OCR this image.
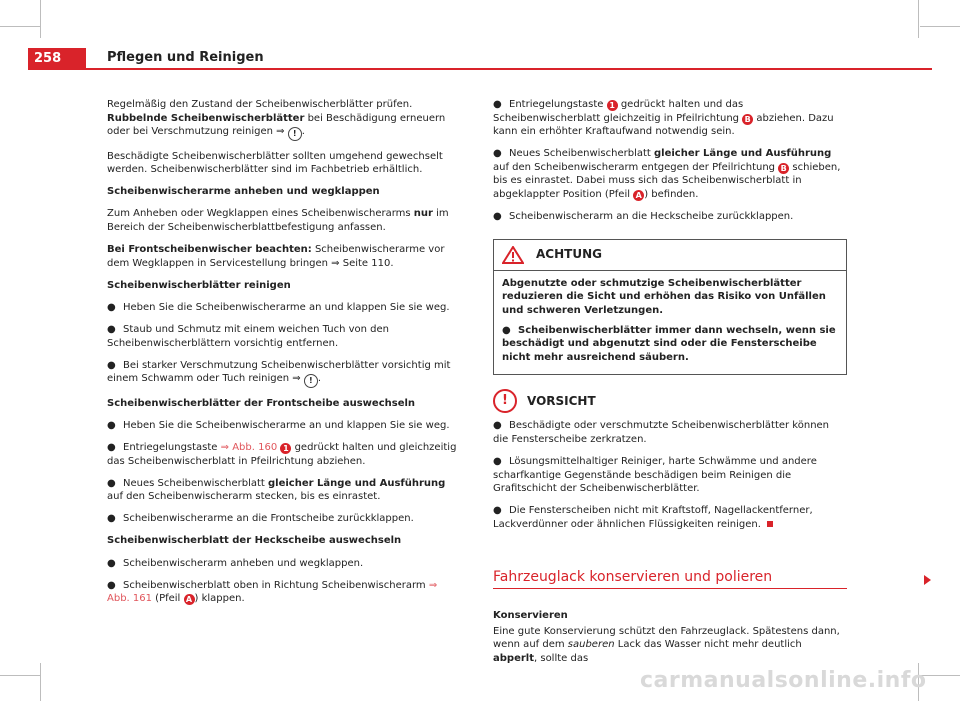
258	Pflegen und Reinigen

Regelmäßig den Zustand der Scheibenwischerblätter prüfen. Rubbelnde Scheibenwischerblätter bei Beschädigung erneuern oder bei Verschmutzung reinigen ⇒ ! .

Beschädigte Scheibenwischerblätter sollten umgehend gewechselt werden. Scheibenwischerblätter sind im Fachbetrieb erhältlich.

Scheibenwischerarme anheben und wegklappen

Zum Anheben oder Wegklappen eines Scheibenwischerarms nur im Bereich der Scheibenwischerblattbefestigung anfassen.

Bei Frontscheibenwischer beachten: Scheibenwischerarme vor dem Wegklappen in Servicestellung bringen ⇒ Seite 110.

Scheibenwischerblätter reinigen

● Heben Sie die Scheibenwischerarme an und klappen Sie sie weg.

● Staub und Schmutz mit einem weichen Tuch von den Scheibenwischerblättern vorsichtig entfernen.

● Bei starker Verschmutzung Scheibenwischerblätter vorsichtig mit einem Schwamm oder Tuch reinigen ⇒ ! .

Scheibenwischerblätter der Frontscheibe auswechseln

● Heben Sie die Scheibenwischerarme an und klappen Sie sie weg.

● Entriegelungstaste ⇒ Abb. 160 1 gedrückt halten und gleichzeitig das Scheibenwischerblatt in Pfeilrichtung abziehen.

● Neues Scheibenwischerblatt gleicher Länge und Ausführung auf den Scheibenwischerarm stecken, bis es einrastet.

● Scheibenwischerarme an die Frontscheibe zurückklappen.

Scheibenwischerblatt der Heckscheibe auswechseln

● Scheibenwischerarm anheben und wegklappen.

● Scheibenwischerblatt oben in Richtung Scheibenwischerarm ⇒ Abb. 161 (Pfeil A ) klappen.

● Entriegelungstaste 1 gedrückt halten und das Scheibenwischerblatt gleichzeitig in Pfeilrichtung B abziehen. Dazu kann ein erhöhter Kraftaufwand notwendig sein.

● Neues Scheibenwischerblatt gleicher Länge und Ausführung auf den Scheibenwischerarm entgegen der Pfeilrichtung B schieben, bis es einrastet. Dabei muss sich das Scheibenwischerblatt in abgeklappter Position (Pfeil A ) befinden.

● Scheibenwischerarm an die Heckscheibe zurückklappen.

ACHTUNG

Abgenutzte oder schmutzige Scheibenwischerblätter reduzieren die Sicht und erhöhen das Risiko von Unfällen und schweren Verletzungen.

● Scheibenwischerblätter immer dann wechseln, wenn sie beschädigt und abgenutzt sind oder die Fensterscheibe nicht mehr ausreichend säubern.

!	VORSICHT

● Beschädigte oder verschmutzte Scheibenwischerblätter können die Fensterscheibe zerkratzen.

● Lösungsmittelhaltiger Reiniger, harte Schwämme und andere scharfkantige Gegenstände beschädigen beim Reinigen die Grafitschicht der Scheibenwischerblätter.

● Die Fensterscheiben nicht mit Kraftstoff, Nagellackentferner, Lackverdünner oder ähnlichen Flüssigkeiten reinigen.

Fahrzeuglack konservieren und polieren

Konservieren

Eine gute Konservierung schützt den Fahrzeuglack. Spätestens dann, wenn auf dem sauberen Lack das Wasser nicht mehr deutlich abperlt, sollte das

carmanualsonline.info
